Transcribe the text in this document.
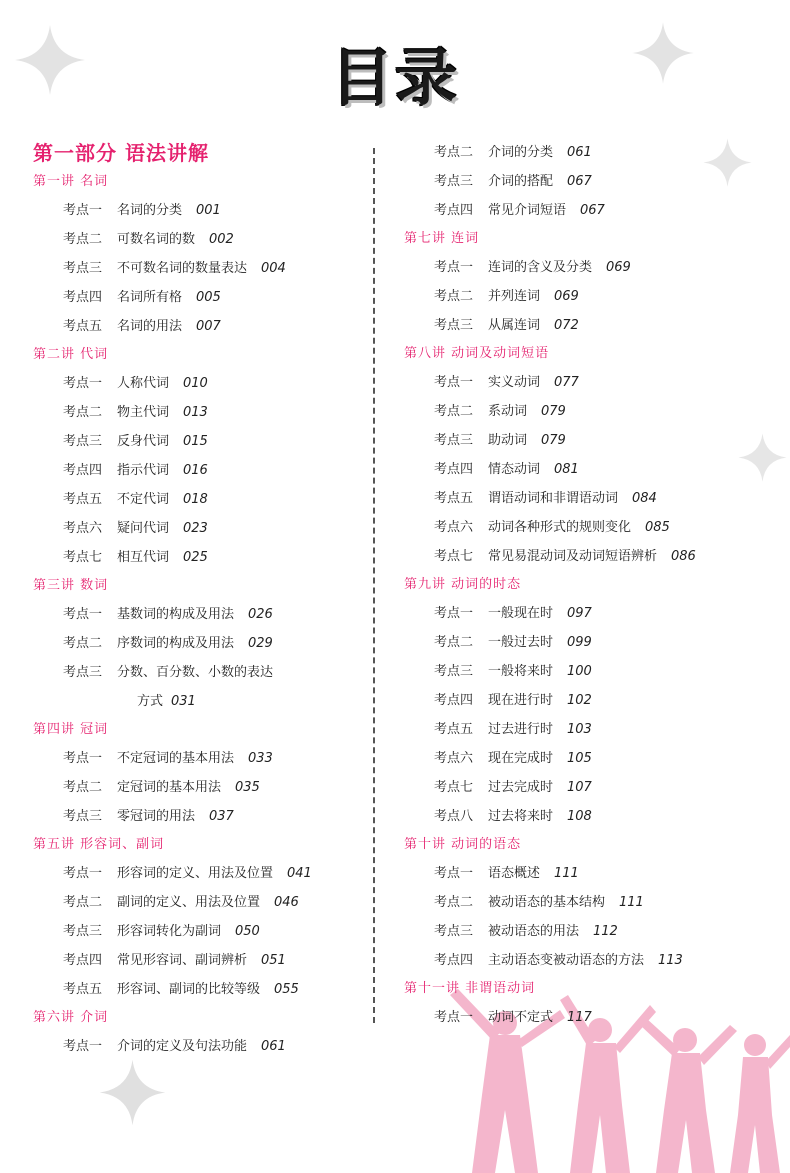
目录
第一部分 语法讲解
第一讲 名词
考点一 名词的分类 001
考点二 可数名词的数 002
考点三 不可数名词的数量表达 004
考点四 名词所有格 005
考点五 名词的用法 007
第二讲 代词
考点一 人称代词 010
考点二 物主代词 013
考点三 反身代词 015
考点四 指示代词 016
考点五 不定代词 018
考点六 疑问代词 023
考点七 相互代词 025
第三讲 数词
考点一 基数词的构成及用法 026
考点二 序数词的构成及用法 029
考点三 分数、百分数、小数的表达
方式 031
第四讲 冠词
考点一 不定冠词的基本用法 033
考点二 定冠词的基本用法 035
考点三 零冠词的用法 037
第五讲 形容词、副词
考点一 形容词的定义、用法及位置 041
考点二 副词的定义、用法及位置 046
考点三 形容词转化为副词 050
考点四 常见形容词、副词辨析 051
考点五 形容词、副词的比较等级 055
第六讲 介词
考点一 介词的定义及句法功能 061
考点二 介词的分类 061
考点三 介词的搭配 067
考点四 常见介词短语 067
第七讲 连词
考点一 连词的含义及分类 069
考点二 并列连词 069
考点三 从属连词 072
第八讲 动词及动词短语
考点一 实义动词 077
考点二 系动词 079
考点三 助动词 079
考点四 情态动词 081
考点五 谓语动词和非谓语动词 084
考点六 动词各种形式的规则变化 085
考点七 常见易混动词及动词短语辨析 086
第九讲 动词的时态
考点一 一般现在时 097
考点二 一般过去时 099
考点三 一般将来时 100
考点四 现在进行时 102
考点五 过去进行时 103
考点六 现在完成时 105
考点七 过去完成时 107
考点八 过去将来时 108
第十讲 动词的语态
考点一 语态概述 111
考点二 被动语态的基本结构 111
考点三 被动语态的用法 112
考点四 主动语态变被动语态的方法 113
第十一讲 非谓语动词
考点一 动词不定式 117
